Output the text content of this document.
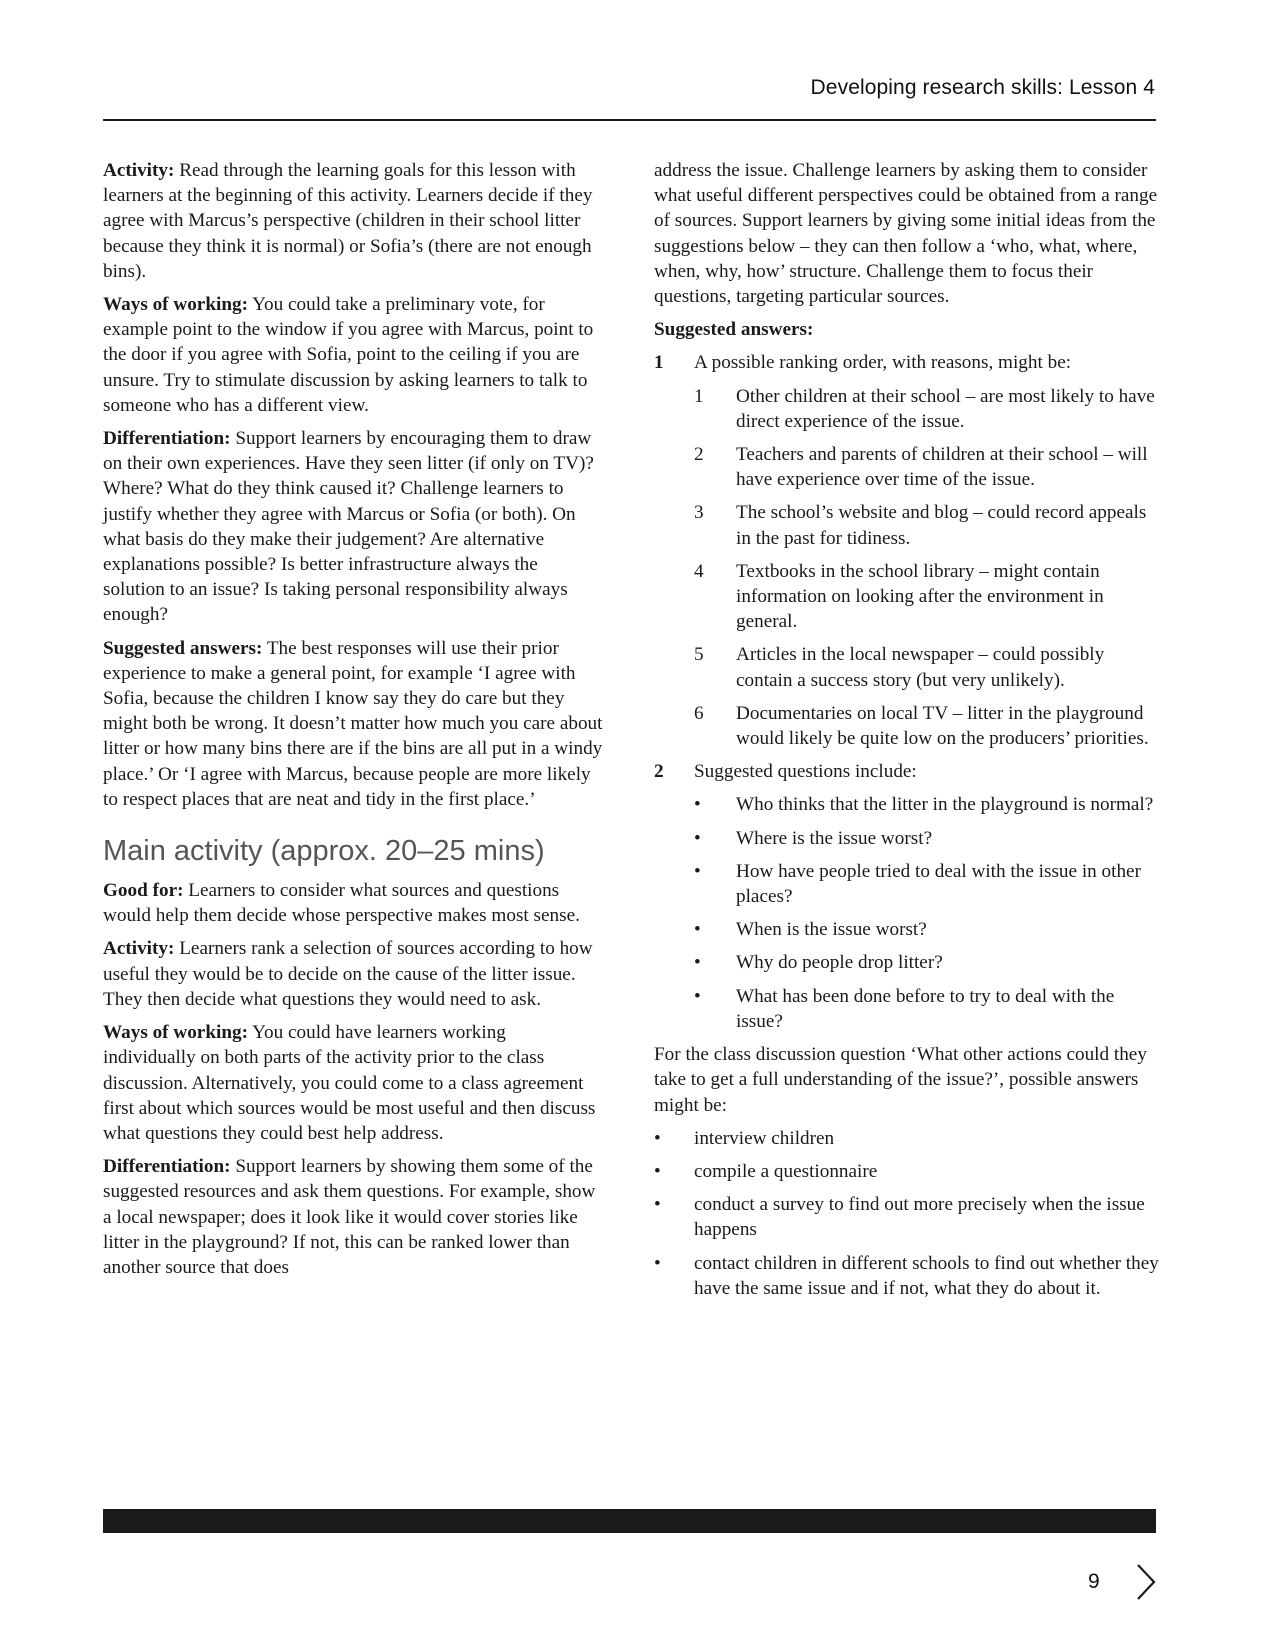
Developing research skills: Lesson 4

Activity: Read through the learning goals for this lesson with learners at the beginning of this activity. Learners decide if they agree with Marcus’s perspective (children in their school litter because they think it is normal) or Sofia’s (there are not enough bins).

Ways of working: You could take a preliminary vote, for example point to the window if you agree with Marcus, point to the door if you agree with Sofia, point to the ceiling if you are unsure. Try to stimulate discussion by asking learners to talk to someone who has a different view.

Differentiation: Support learners by encouraging them to draw on their own experiences. Have they seen litter (if only on TV)? Where? What do they think caused it? Challenge learners to justify whether they agree with Marcus or Sofia (or both). On what basis do they make their judgement? Are alternative explanations possible? Is better infrastructure always the solution to an issue? Is taking personal responsibility always enough?

Suggested answers: The best responses will use their prior experience to make a general point, for example ‘I agree with Sofia, because the children I know say they do care but they might both be wrong. It doesn’t matter how much you care about litter or how many bins there are if the bins are all put in a windy place.’ Or ‘I agree with Marcus, because people are more likely to respect places that are neat and tidy in the first place.’

Main activity (approx. 20–25 mins)

Good for: Learners to consider what sources and questions would help them decide whose perspective makes most sense.

Activity: Learners rank a selection of sources according to how useful they would be to decide on the cause of the litter issue. They then decide what questions they would need to ask.

Ways of working: You could have learners working individually on both parts of the activity prior to the class discussion. Alternatively, you could come to a class agreement first about which sources would be most useful and then discuss what questions they could best help address.

Differentiation: Support learners by showing them some of the suggested resources and ask them questions. For example, show a local newspaper; does it look like it would cover stories like litter in the playground? If not, this can be ranked lower than another source that does

address the issue. Challenge learners by asking them to consider what useful different perspectives could be obtained from a range of sources. Support learners by giving some initial ideas from the suggestions below – they can then follow a ‘who, what, where, when, why, how’ structure. Challenge them to focus their questions, targeting particular sources.

Suggested answers:

1	A possible ranking order, with reasons, might be:
1	Other children at their school – are most likely to have direct experience of the issue.
2	Teachers and parents of children at their school – will have experience over time of the issue.
3	The school’s website and blog – could record appeals in the past for tidiness.
4	Textbooks in the school library – might contain information on looking after the environment in general.
5	Articles in the local newspaper – could possibly contain a success story (but very unlikely).
6	Documentaries on local TV – litter in the playground would likely be quite low on the producers’ priorities.
2	Suggested questions include:
•	Who thinks that the litter in the playground is normal?
•	Where is the issue worst?
•	How have people tried to deal with the issue in other places?
•	When is the issue worst?
•	Why do people drop litter?
•	What has been done before to try to deal with the issue?

For the class discussion question ‘What other actions could they take to get a full understanding of the issue?’, possible answers might be:

•	interview children
•	compile a questionnaire
•	conduct a survey to find out more precisely when the issue happens
•	contact children in different schools to find out whether they have the same issue and if not, what they do about it.
9
